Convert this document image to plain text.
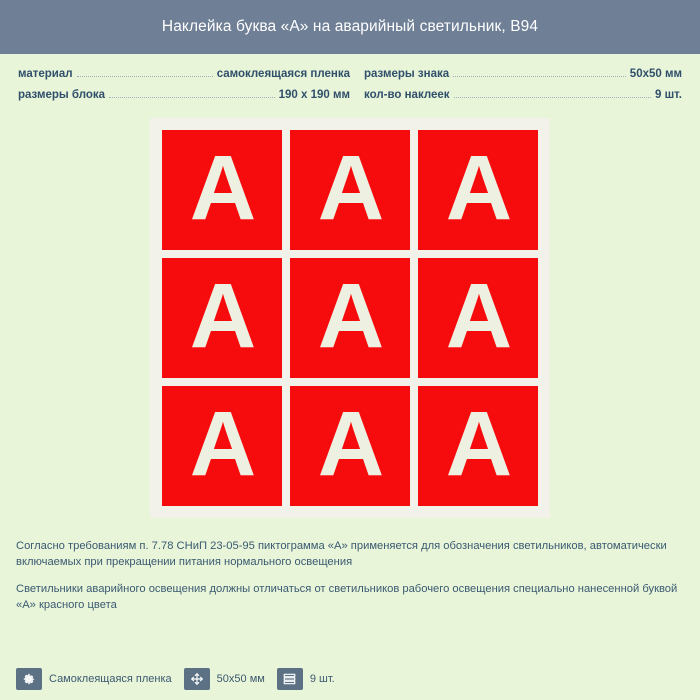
Наклейка буква «А» на аварийный светильник, B94
материал	самоклеящаяся пленка
размеры блока	190 х 190 мм
размеры знака	50x50 мм
кол-во наклеек	9 шт.
A A A
A A A
A A A

Согласно требованиям п. 7.78 СНиП 23-05-95 пиктограмма «А» применяется для обозначения светильников, автоматически включаемых при прекращении питания нормального освещения

Светильники аварийного освещения должны отличаться от светильников рабочего освещения специально нанесенной буквой «А» красного цвета

Самоклеящаяся пленка	50x50 мм	9 шт.
